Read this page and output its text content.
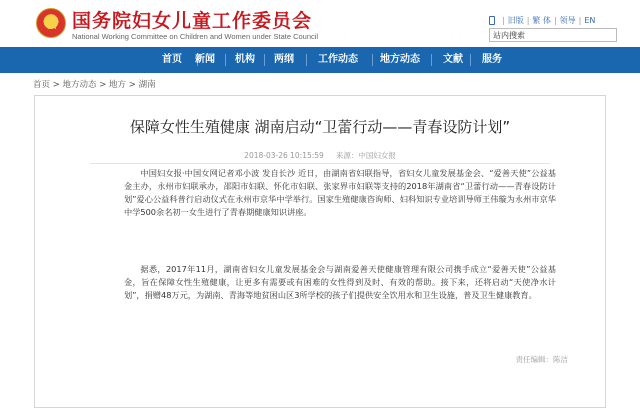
国务院妇女儿童工作委员会
National Working Committee on Children and Women under State Council
| 旧版 | 繁 体 | 领导 | EN
站内搜索
首页	新闻	机构	两纲	工作动态	地方动态	文献	服务
首页 > 地方动态 > 地方 > 湖南
保障女性生殖健康 湖南启动“卫蕾行动——青春设防计划”
2018-03-26 10:15:59 来源：中国妇女报
中国妇女报·中国女网记者邓小波 发自长沙 近日，由湖南省妇联指导，省妇女儿童发展基金会、“爱善天使”公益基金主办，永州市妇联承办，邵阳市妇联、怀化市妇联、张家界市妇联等支持的2018年湖南省“卫蕾行动——青春设防计划”爱心公益科普行启动仪式在永州市京华中学举行。国家生殖健康咨询师、妇科知识专业培训导师王伟璇为永州市京华中学500余名初一女生进行了青春期健康知识讲座。
据悉，2017年11月，湖南省妇女儿童发展基金会与湖南爱善天使健康管理有限公司携手成立“爱善天使”公益基金，旨在保障女性生殖健康，让更多有需要或有困难的女性得到及时、有效的帮助。接下来，还将启动“天使净水计划”，捐赠48万元，为湖南、青海等地贫困山区3所学校的孩子们提供安全饮用水和卫生设施，普及卫生健康教育。
责任编辑：陈洁
